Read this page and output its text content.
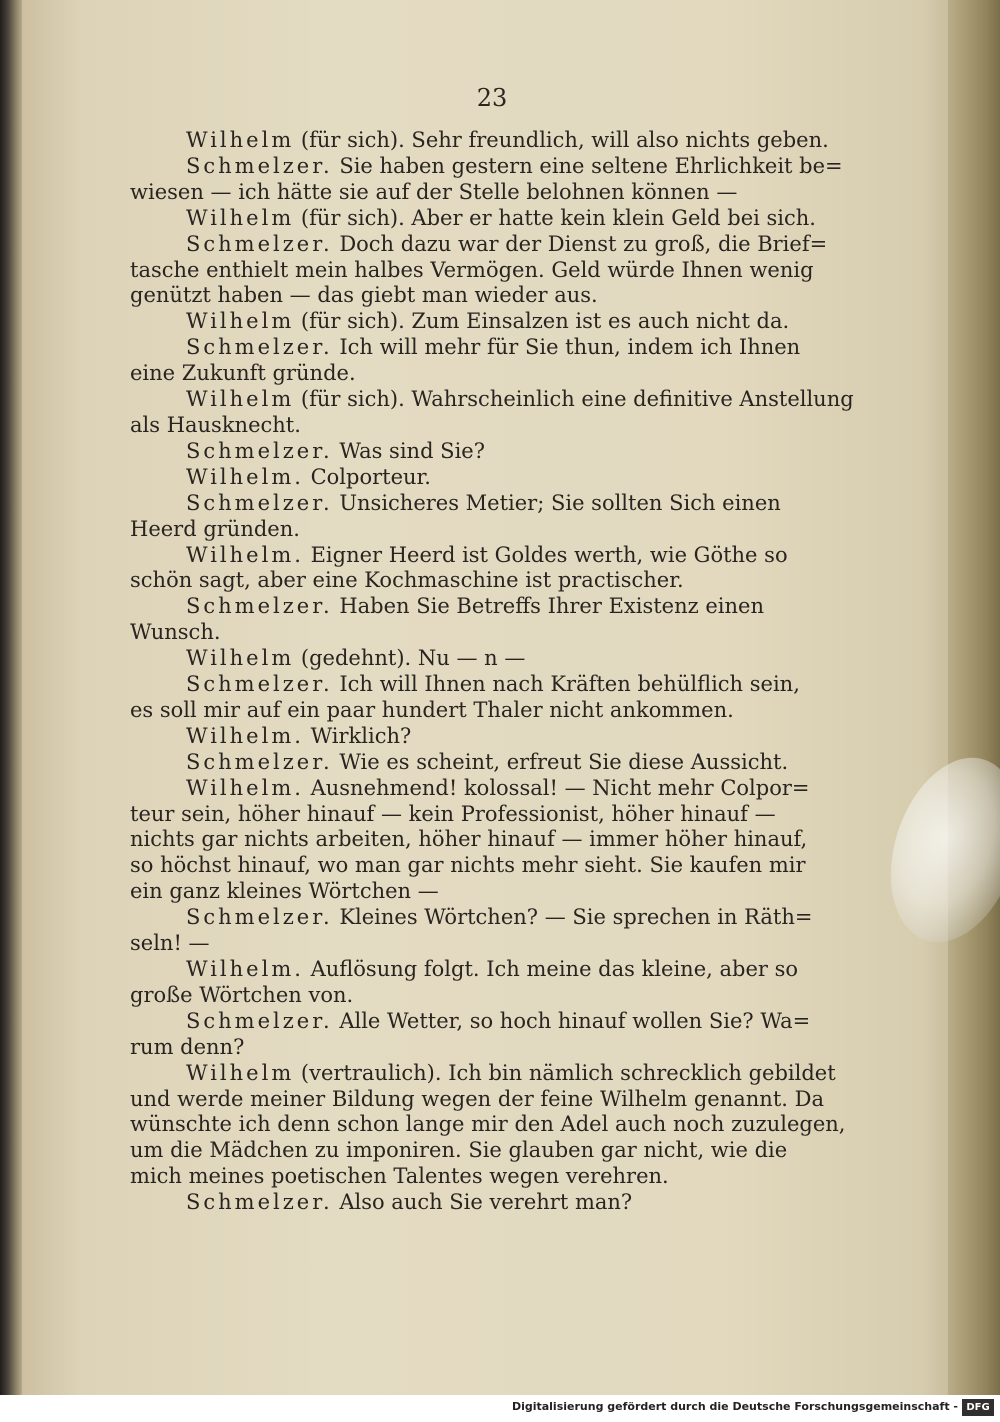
23
Wilhelm (für sich). Sehr freundlich, will also nichts geben.
Schmelzer. Sie haben gestern eine seltene Ehrlichkeit be=
wiesen — ich hätte sie auf der Stelle belohnen können —
Wilhelm (für sich). Aber er hatte kein klein Geld bei sich.
Schmelzer. Doch dazu war der Dienst zu groß, die Brief=
tasche enthielt mein halbes Vermögen. Geld würde Ihnen wenig
genützt haben — das giebt man wieder aus.
Wilhelm (für sich). Zum Einsalzen ist es auch nicht da.
Schmelzer. Ich will mehr für Sie thun, indem ich Ihnen
eine Zukunft gründe.
Wilhelm (für sich). Wahrscheinlich eine definitive Anstellung
als Hausknecht.
Schmelzer. Was sind Sie?
Wilhelm. Colporteur.
Schmelzer. Unsicheres Metier; Sie sollten Sich einen
Heerd gründen.
Wilhelm. Eigner Heerd ist Goldes werth, wie Göthe so
schön sagt, aber eine Kochmaschine ist practischer.
Schmelzer. Haben Sie Betreffs Ihrer Existenz einen
Wunsch.
Wilhelm (gedehnt). Nu — n —
Schmelzer. Ich will Ihnen nach Kräften behülflich sein,
es soll mir auf ein paar hundert Thaler nicht ankommen.
Wilhelm. Wirklich?
Schmelzer. Wie es scheint, erfreut Sie diese Aussicht.
Wilhelm. Ausnehmend! kolossal! — Nicht mehr Colpor=
teur sein, höher hinauf — kein Professionist, höher hinauf —
nichts gar nichts arbeiten, höher hinauf — immer höher hinauf,
so höchst hinauf, wo man gar nichts mehr sieht. Sie kaufen mir
ein ganz kleines Wörtchen —
Schmelzer. Kleines Wörtchen? — Sie sprechen in Räth=
seln! —
Wilhelm. Auflösung folgt. Ich meine das kleine, aber so
große Wörtchen von.
Schmelzer. Alle Wetter, so hoch hinauf wollen Sie? Wa=
rum denn?
Wilhelm (vertraulich). Ich bin nämlich schrecklich gebildet
und werde meiner Bildung wegen der feine Wilhelm genannt. Da
wünschte ich denn schon lange mir den Adel auch noch zuzulegen,
um die Mädchen zu imponiren. Sie glauben gar nicht, wie die
mich meines poetischen Talentes wegen verehren.
Schmelzer. Also auch Sie verehrt man?
Digitalisierung gefördert durch die Deutsche Forschungsgemeinschaft - DFG
